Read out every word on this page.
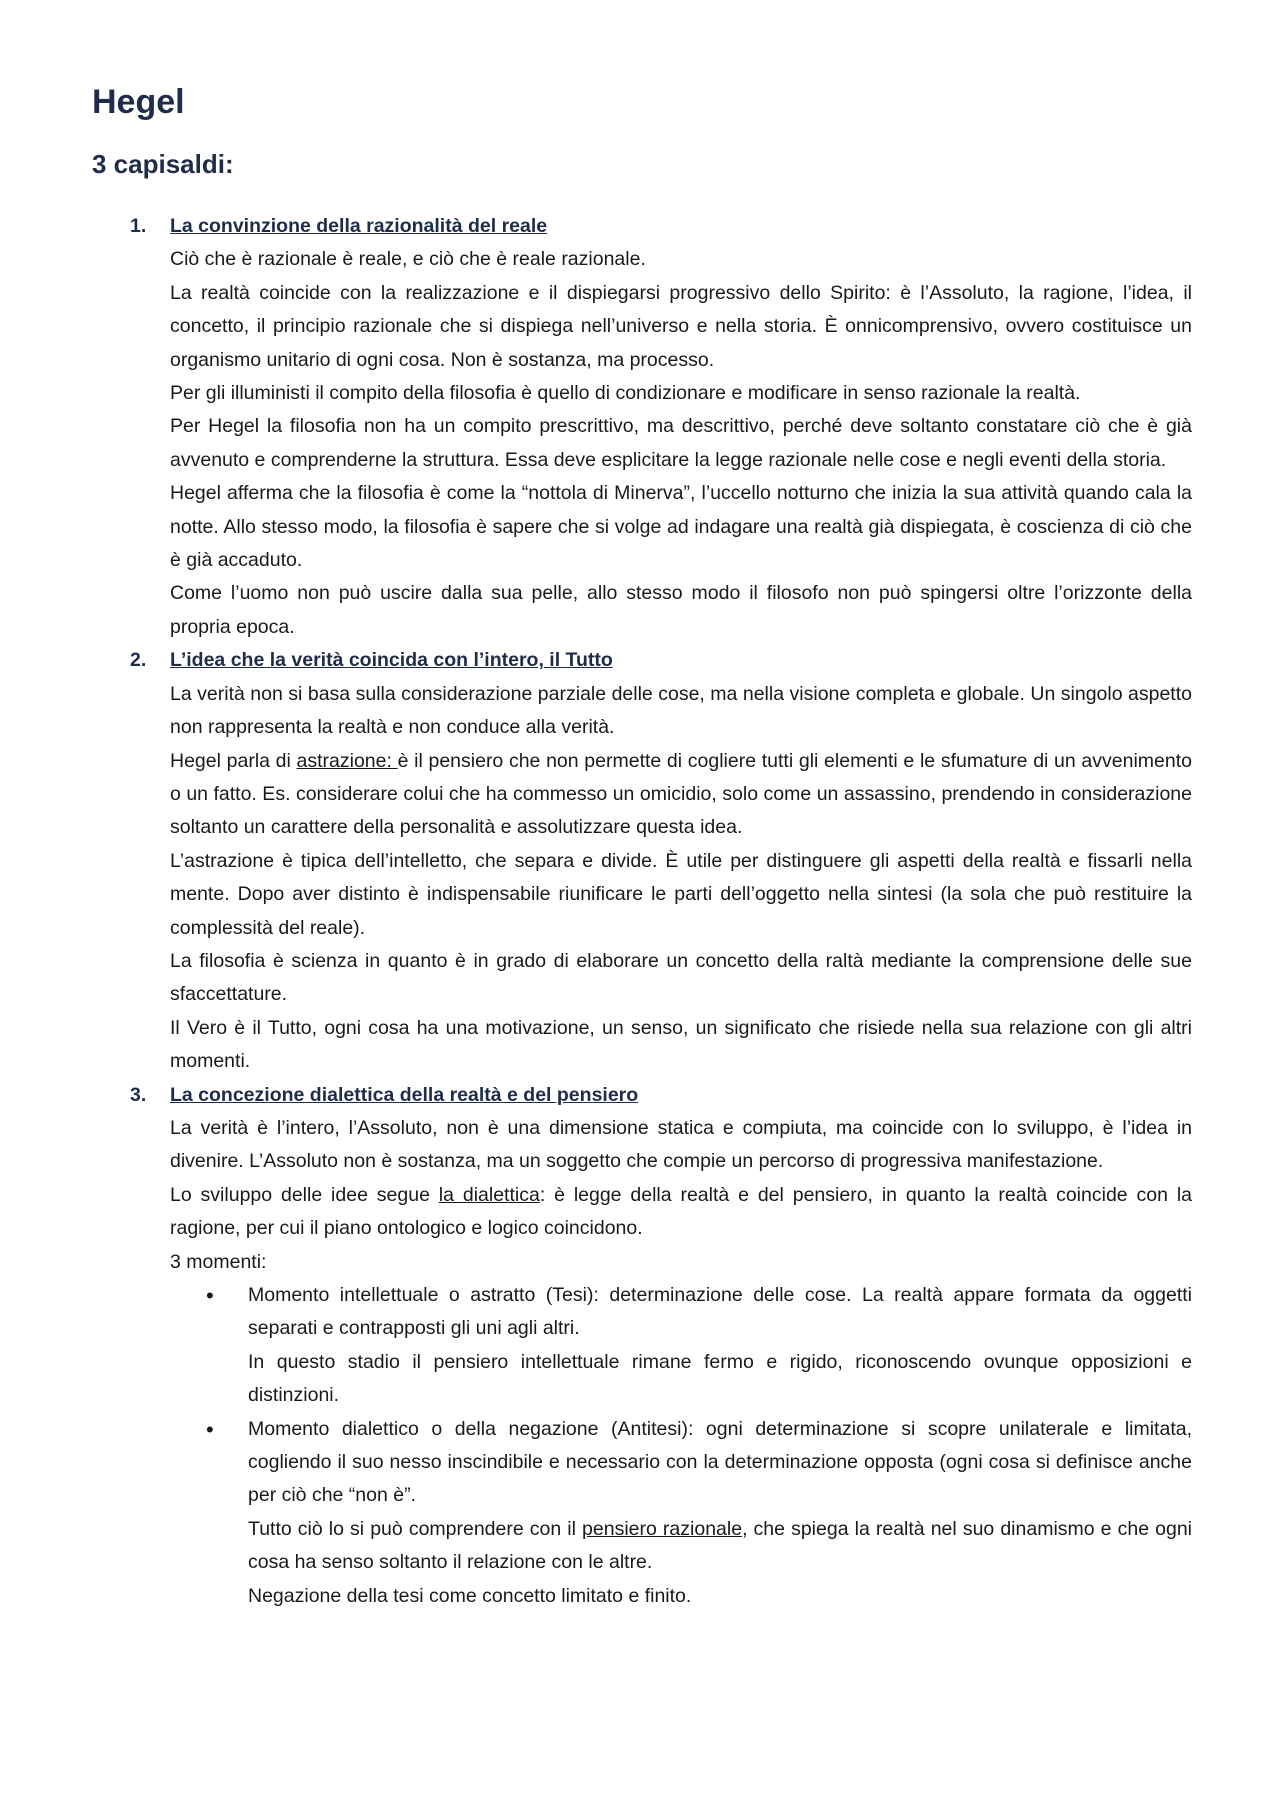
Hegel
3 capisaldi:
1. La convinzione della razionalità del reale

Ciò che è razionale è reale, e ciò che è reale razionale.

La realtà coincide con la realizzazione e il dispiegarsi progressivo dello Spirito: è l’Assoluto, la ragione, l’idea, il concetto, il principio razionale che si dispiega nell’universo e nella storia. È onnicomprensivo, ovvero costituisce un organismo unitario di ogni cosa. Non è sostanza, ma processo.

Per gli illuministi il compito della filosofia è quello di condizionare e modificare in senso razionale la realtà.

Per Hegel la filosofia non ha un compito prescrittivo, ma descrittivo, perché deve soltanto constatare ciò che è già avvenuto e comprenderne la struttura. Essa deve esplicitare la legge razionale nelle cose e negli eventi della storia.

Hegel afferma che la filosofia è come la “nottola di Minerva”, l’uccello notturno che inizia la sua attività quando cala la notte. Allo stesso modo, la filosofia è sapere che si volge ad indagare una realtà già dispiegata, è coscienza di ciò che è già accaduto.

Come l’uomo non può uscire dalla sua pelle, allo stesso modo il filosofo non può spingersi oltre l’orizzonte della propria epoca.

2. L’idea che la verità coincida con l’intero, il Tutto

La verità non si basa sulla considerazione parziale delle cose, ma nella visione completa e globale. Un singolo aspetto non rappresenta la realtà e non conduce alla verità.

Hegel parla di astrazione: è il pensiero che non permette di cogliere tutti gli elementi e le sfumature di un avvenimento o un fatto. Es. considerare colui che ha commesso un omicidio, solo come un assassino, prendendo in considerazione soltanto un carattere della personalità e assolutizzare questa idea.

L’astrazione è tipica dell’intelletto, che separa e divide. È utile per distinguere gli aspetti della realtà e fissarli nella mente. Dopo aver distinto è indispensabile riunificare le parti dell’oggetto nella sintesi (la sola che può restituire la complessità del reale).

La filosofia è scienza in quanto è in grado di elaborare un concetto della raltà mediante la comprensione delle sue sfaccettature.

Il Vero è il Tutto, ogni cosa ha una motivazione, un senso, un significato che risiede nella sua relazione con gli altri momenti.

3. La concezione dialettica della realtà e del pensiero

La verità è l’intero, l’Assoluto, non è una dimensione statica e compiuta, ma coincide con lo sviluppo, è l’idea in divenire. L’Assoluto non è sostanza, ma un soggetto che compie un percorso di progressiva manifestazione.

Lo sviluppo delle idee segue la dialettica: è legge della realtà e del pensiero, in quanto la realtà coincide con la ragione, per cui il piano ontologico e logico coincidono.

3 momenti:

• Momento intellettuale o astratto (Tesi): determinazione delle cose. La realtà appare formata da oggetti separati e contrapposti gli uni agli altri.

In questo stadio il pensiero intellettuale rimane fermo e rigido, riconoscendo ovunque opposizioni e distinzioni.

• Momento dialettico o della negazione (Antitesi): ogni determinazione si scopre unilaterale e limitata, cogliendo il suo nesso inscindibile e necessario con la determinazione opposta (ogni cosa si definisce anche per ciò che “non è”.

Tutto ciò lo si può comprendere con il pensiero razionale, che spiega la realtà nel suo dinamismo e che ogni cosa ha senso soltanto il relazione con le altre.

Negazione della tesi come concetto limitato e finito.
